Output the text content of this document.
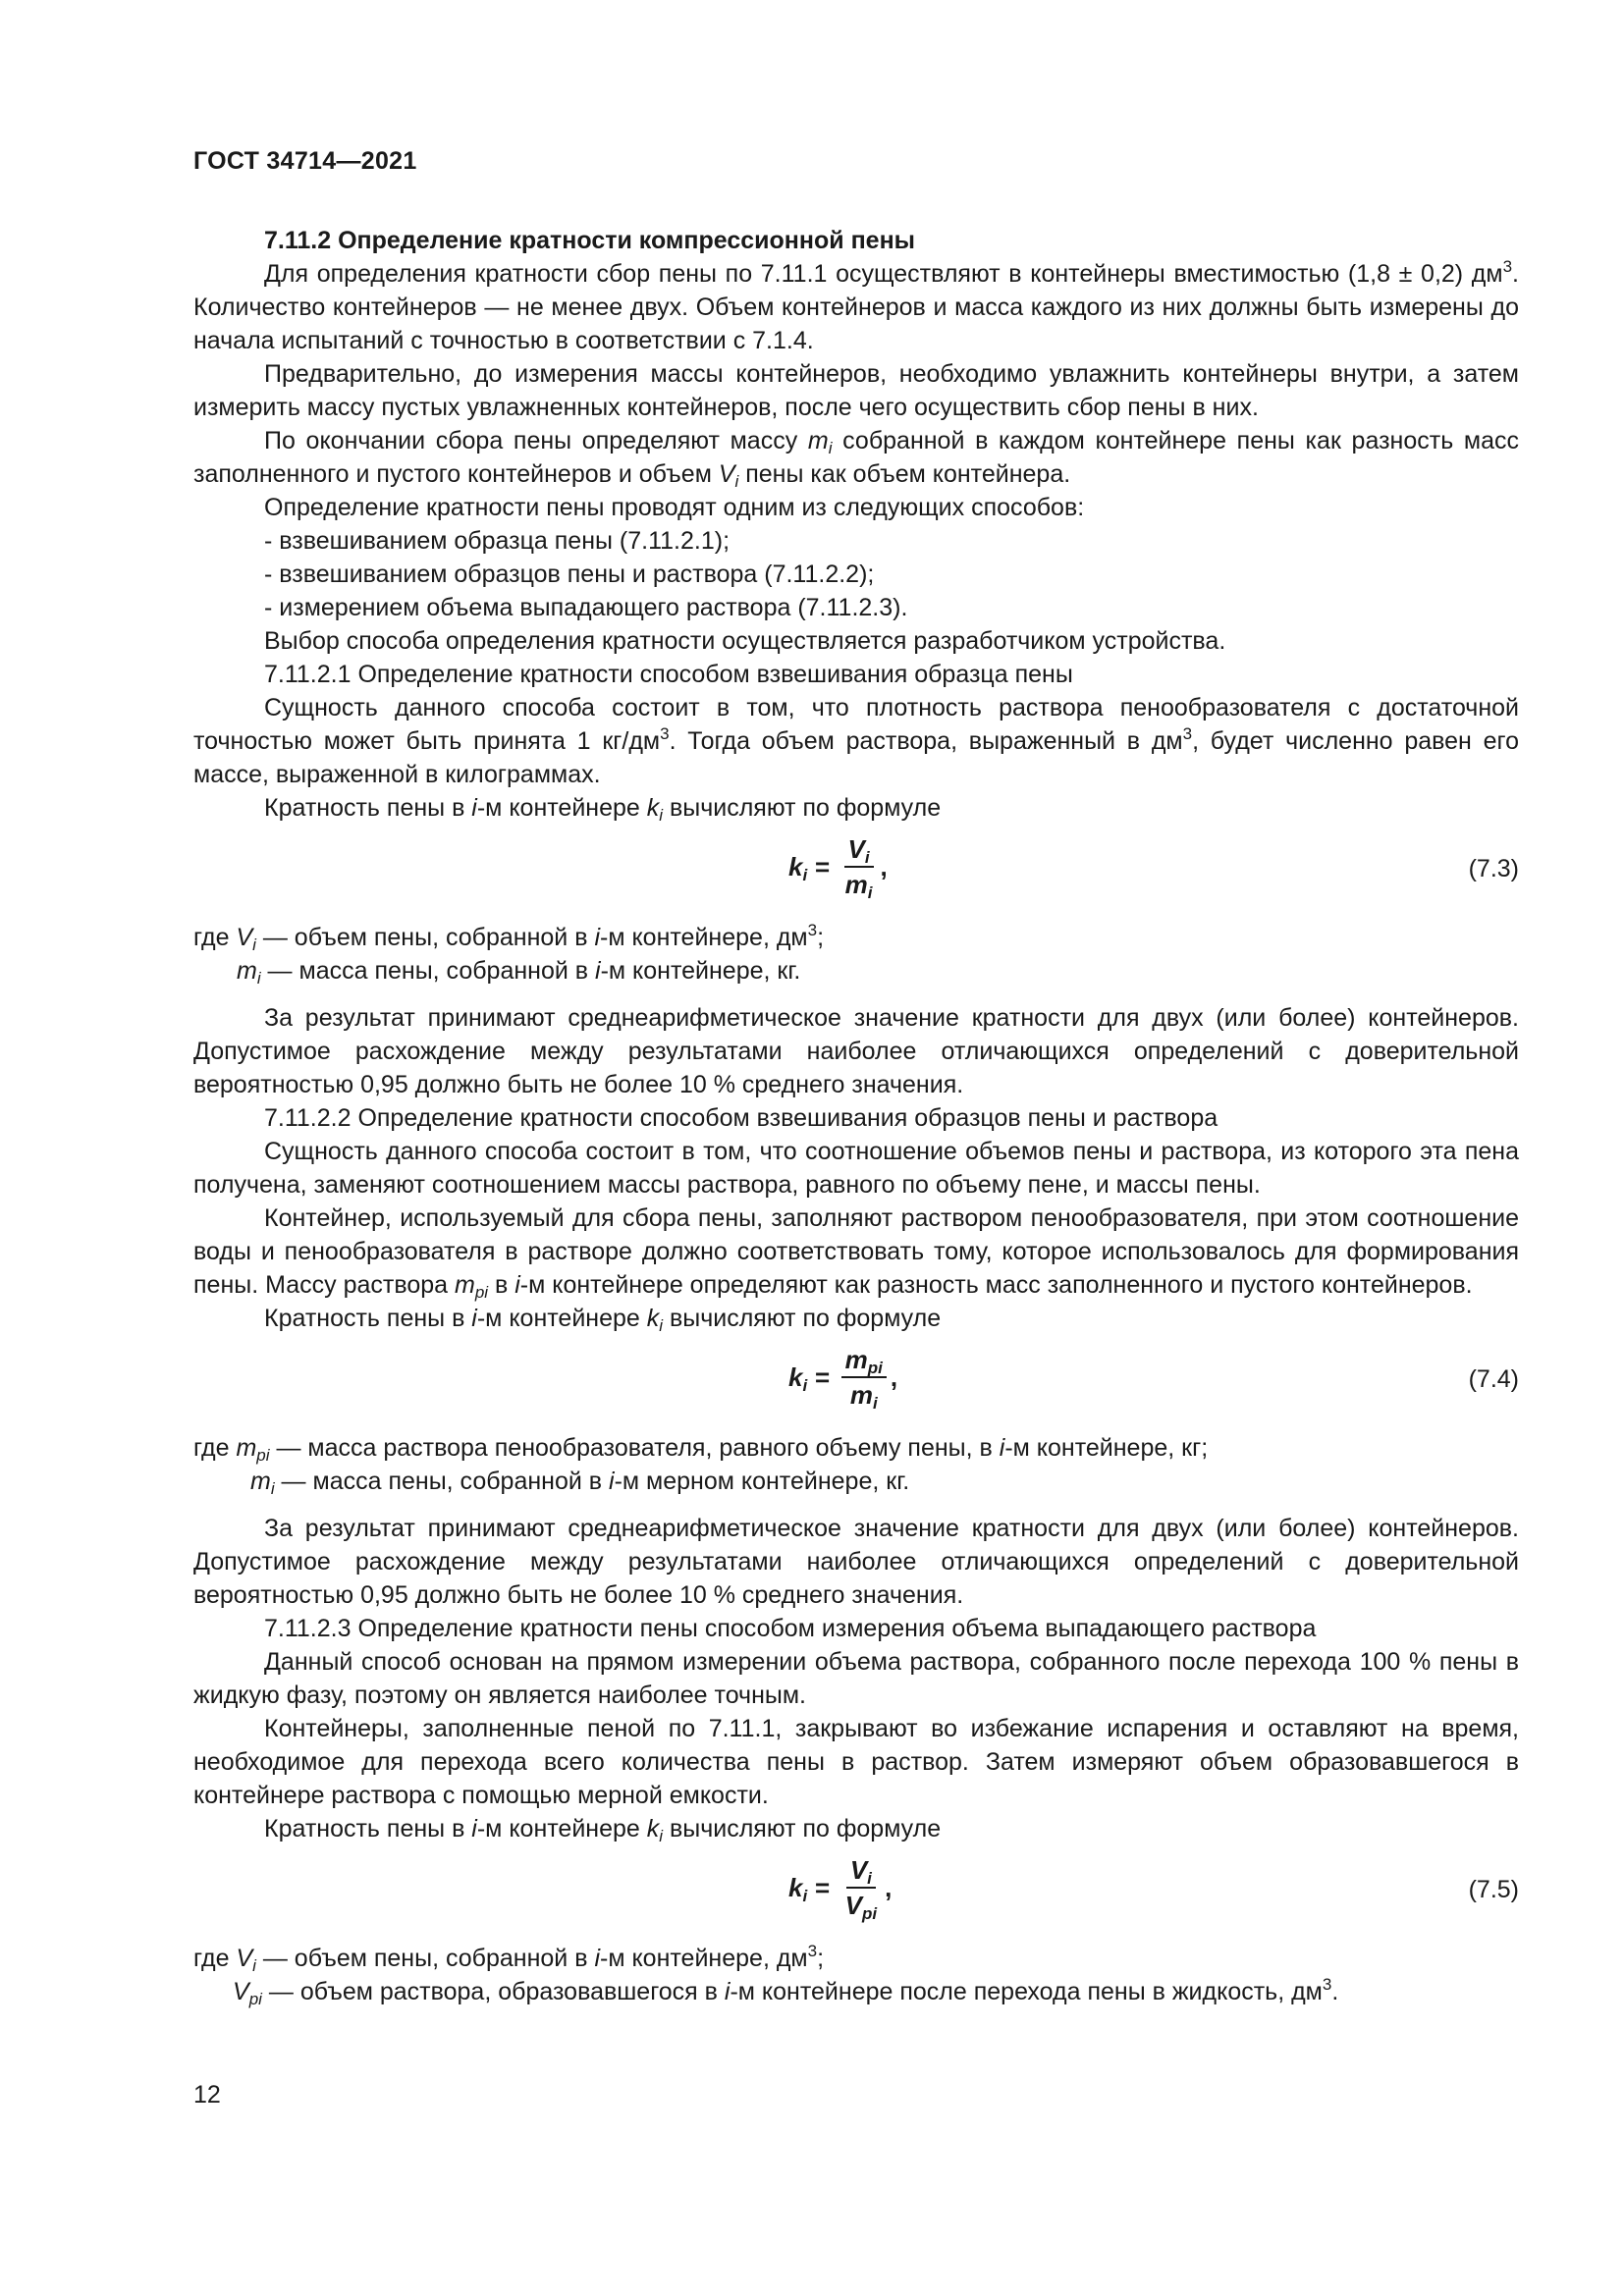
ГОСТ 34714—2021

7.11.2 Определение кратности компрессионной пены

Для определения кратности сбор пены по 7.11.1 осуществляют в контейнеры вместимостью (1,8 ± 0,2) $дм^3$. Количество контейнеров — не менее двух. Объем контейнеров и масса каждого из них должны быть измерены до начала испытаний с точностью в соответствии с 7.1.4.

Предварительно, до измерения массы контейнеров, необходимо увлажнить контейнеры внутри, а затем измерить массу пустых увлажненных контейнеров, после чего осуществить сбор пены в них.

По окончании сбора пены определяют массу $m_i$ собранной в каждом контейнере пены как разность масс заполненного и пустого контейнеров и объем $V_i$ пены как объем контейнера.

Определение кратности пены проводят одним из следующих способов:

- взвешиванием образца пены (7.11.2.1);

- взвешиванием образцов пены и раствора (7.11.2.2);

- измерением объема выпадающего раствора (7.11.2.3).

Выбор способа определения кратности осуществляется разработчиком устройства.

7.11.2.1 Определение кратности способом взвешивания образца пены

Сущность данного способа состоит в том, что плотность раствора пенообразователя с достаточной точностью может быть принята 1 $кг/дм^3$. Тогда объем раствора, выраженный в $дм^3$, будет численно равен его массе, выраженной в килограммах.

Кратность пены в i-м контейнере $k_i$ вычисляют по формуле

$k_i = \frac{V_i}{m_i}$ ,	(7.3)

где $V_i$ — объем пены, собранной в i-м контейнере, $дм^3$;

$m_i$ — масса пены, собранной в i-м контейнере, кг.

За результат принимают среднеарифметическое значение кратности для двух (или более) контейнеров. Допустимое расхождение между результатами наиболее отличающихся определений с доверительной вероятностью 0,95 должно быть не более 10 % среднего значения.

7.11.2.2 Определение кратности способом взвешивания образцов пены и раствора

Сущность данного способа состоит в том, что соотношение объемов пены и раствора, из которого эта пена получена, заменяют соотношением массы раствора, равного по объему пене, и массы пены.

Контейнер, используемый для сбора пены, заполняют раствором пенообразователя, при этом соотношение воды и пенообразователя в растворе должно соответствовать тому, которое использовалось для формирования пены. Массу раствора $m_{pi}$ в i-м контейнере определяют как разность масс заполненного и пустого контейнеров.

Кратность пены в i-м контейнере $k_i$ вычисляют по формуле

$k_i = \frac{m_{pi}}{m_i}$ ,	(7.4)

где $m_{pi}$ — масса раствора пенообразователя, равного объему пены, в i-м контейнере, кг;

$m_i$ — масса пены, собранной в i-м мерном контейнере, кг.

За результат принимают среднеарифметическое значение кратности для двух (или более) контейнеров. Допустимое расхождение между результатами наиболее отличающихся определений с доверительной вероятностью 0,95 должно быть не более 10 % среднего значения.

7.11.2.3 Определение кратности пены способом измерения объема выпадающего раствора

Данный способ основан на прямом измерении объема раствора, собранного после перехода 100 % пены в жидкую фазу, поэтому он является наиболее точным.

Контейнеры, заполненные пеной по 7.11.1, закрывают во избежание испарения и оставляют на время, необходимое для перехода всего количества пены в раствор. Затем измеряют объем образовавшегося в контейнере раствора с помощью мерной емкости.

Кратность пены в i-м контейнере $k_i$ вычисляют по формуле

$k_i = \frac{V_i}{V_{pi}}$ ,	(7.5)

где $V_i$ — объем пены, собранной в i-м контейнере, $дм^3$;

$V_{pi}$ — объем раствора, образовавшегося в i-м контейнере после перехода пены в жидкость, $дм^3$.

12
